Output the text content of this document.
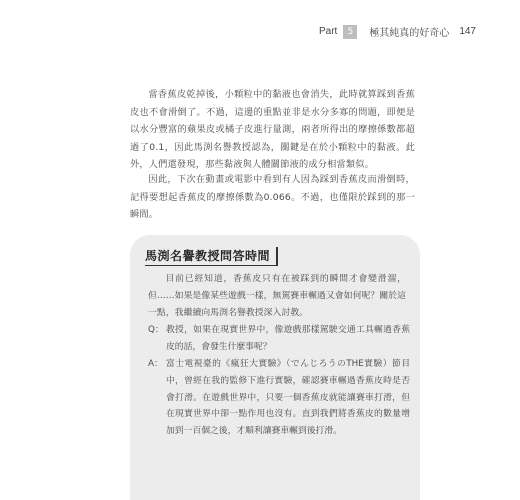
Part	5	極其純真的好奇心 147

當香蕉皮乾掉後，小顆粒中的黏液也會消失，此時就算踩到香蕉皮也不會滑倒了。不過，這邊的重點並非是水分多寡的問題，即便是以水分豐富的蘋果皮或橘子皮進行量測，兩者所得出的摩擦係數都超過了0.1，因此馬渕名譽教授認為，關鍵是在於小顆粒中的黏液。此外，人們還發現，那些黏液與人體關節液的成分相當類似。

因此，下次在動畫或電影中看到有人因為踩到香蕉皮而滑倒時，記得要想起香蕉皮的摩擦係數為0.066。不過，也僅限於踩到的那一瞬間。

馬渕名譽教授問答時間

目前已經知道，香蕉皮只有在被踩到的瞬間才會變滑溜，但……如果是像某些遊戲一樣，無駕賽車輾過又會如何呢？關於這一點，我繼續向馬渕名譽教授深入討教。

Q： 教授，如果在現實世界中，像遊戲那樣駕駛交通工具輾過香蕉皮的話，會發生什麼事呢？
A： 富士電視臺的《瘋狂大實驗》（でんじろうのTHE實驗）節目中，曾經在我的監修下進行實驗，確認賽車輾過香蕉皮時是否會打滑。在遊戲世界中，只要一個香蕉皮就能讓賽車打滑，但在現實世界中卻一點作用也沒有。直到我們將香蕉皮的數量增加到一百個之後，才順利讓賽車輾到後打滑。
